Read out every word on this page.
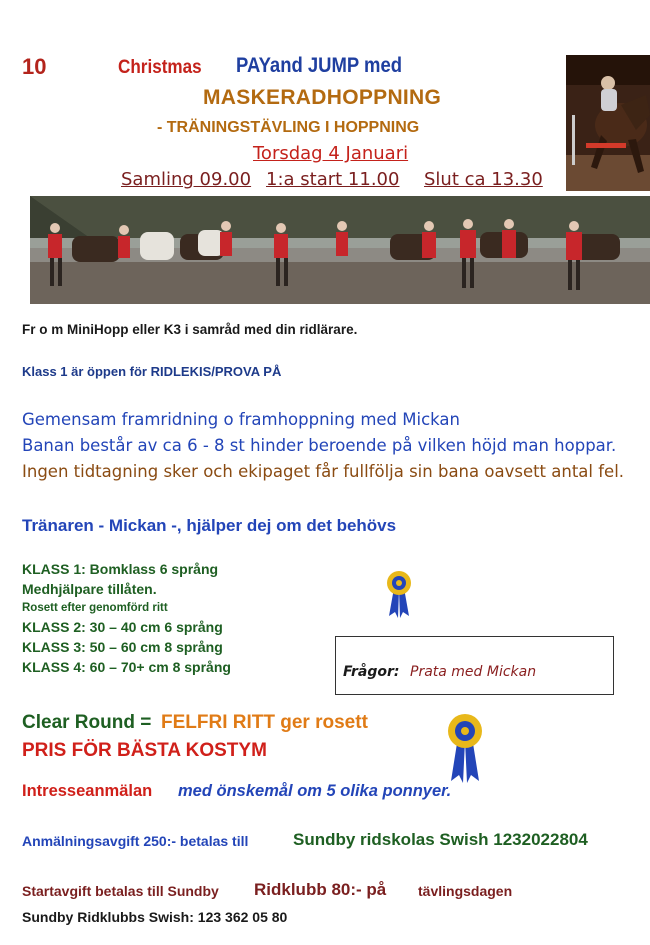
10	Christmas PAYand JUMP med
MASKERADHOPPNING
- TRÄNINGSTÄVLING I HOPPNING
Torsdag 4 Januari
Samling 09.00 1:a start 11.00 Slut ca 13.30
Fr o m MiniHopp eller K3 i samråd med din ridlärare.
Klass 1 är öppen för RIDLEKIS/PROVA PÅ
Gemensam framridning o framhoppning med Mickan
Banan består av ca 6 - 8 st hinder beroende på vilken höjd man hoppar.
Ingen tidtagning sker och ekipaget får fullfölja sin bana oavsett antal fel.
Tränaren - Mickan -, hjälper dej om det behövs
KLASS 1: Bomklass 6 språng
Medhjälpare tillåten.
Rosett efter genomförd ritt
KLASS 2: 30 – 40 cm 6 språng
KLASS 3: 50 – 60 cm 8 språng
KLASS 4: 60 – 70+ cm 8 språng	Frågor: Prata med Mickan
Clear Round = FELFRI RITT ger rosett
PRIS FÖR BÄSTA KOSTYM
Intresseanmälan med önskemål om 5 olika ponnyer.
Anmälningsavgift 250:- betalas till	Sundby ridskolas Swish 1232022804
Startavgift betalas till Sundby Ridklubb 80:- på tävlingsdagen
Sundby Ridklubbs Swish: 123 362 05 80
